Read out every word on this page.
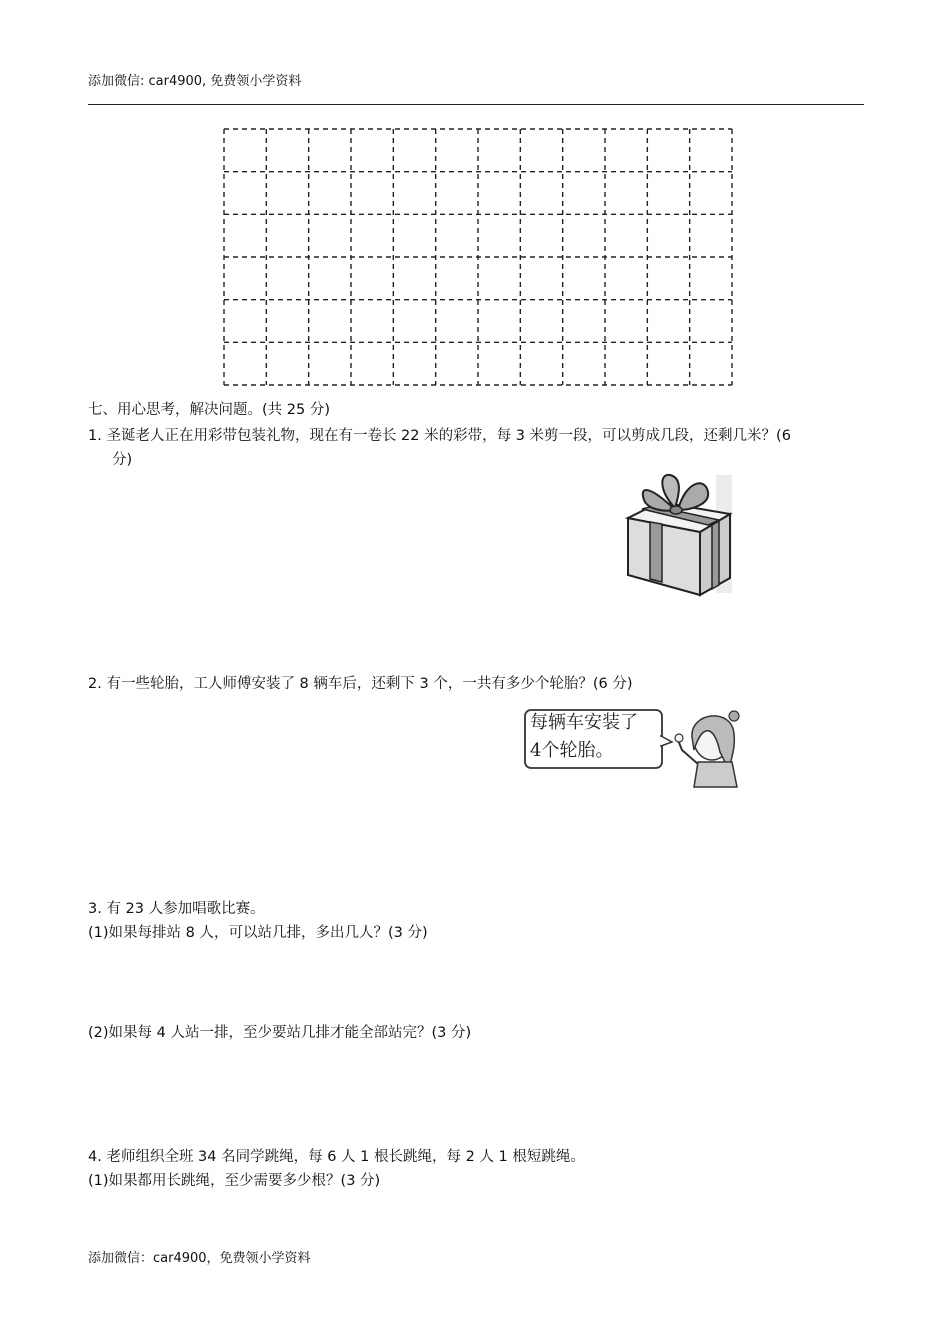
添加微信: car4900, 免费领小学资料
七、用心思考，解决问题。(共 25 分)
1. 圣诞老人正在用彩带包装礼物，现在有一卷长 22 米的彩带，每 3 米剪一段，可以剪成几段，还剩几米？(6
分)
2. 有一些轮胎，工人师傅安装了 8 辆车后，还剩下 3 个，一共有多少个轮胎？(6 分)
每辆车安装了
4个轮胎。
3. 有 23 人参加唱歌比赛。
(1)如果每排站 8 人，可以站几排，多出几人？(3 分)
(2)如果每 4 人站一排，至少要站几排才能全部站完？(3 分)
4. 老师组织全班 34 名同学跳绳，每 6 人 1 根长跳绳，每 2 人 1 根短跳绳。
(1)如果都用长跳绳，至少需要多少根？(3 分)
添加微信：car4900，免费领小学资料
